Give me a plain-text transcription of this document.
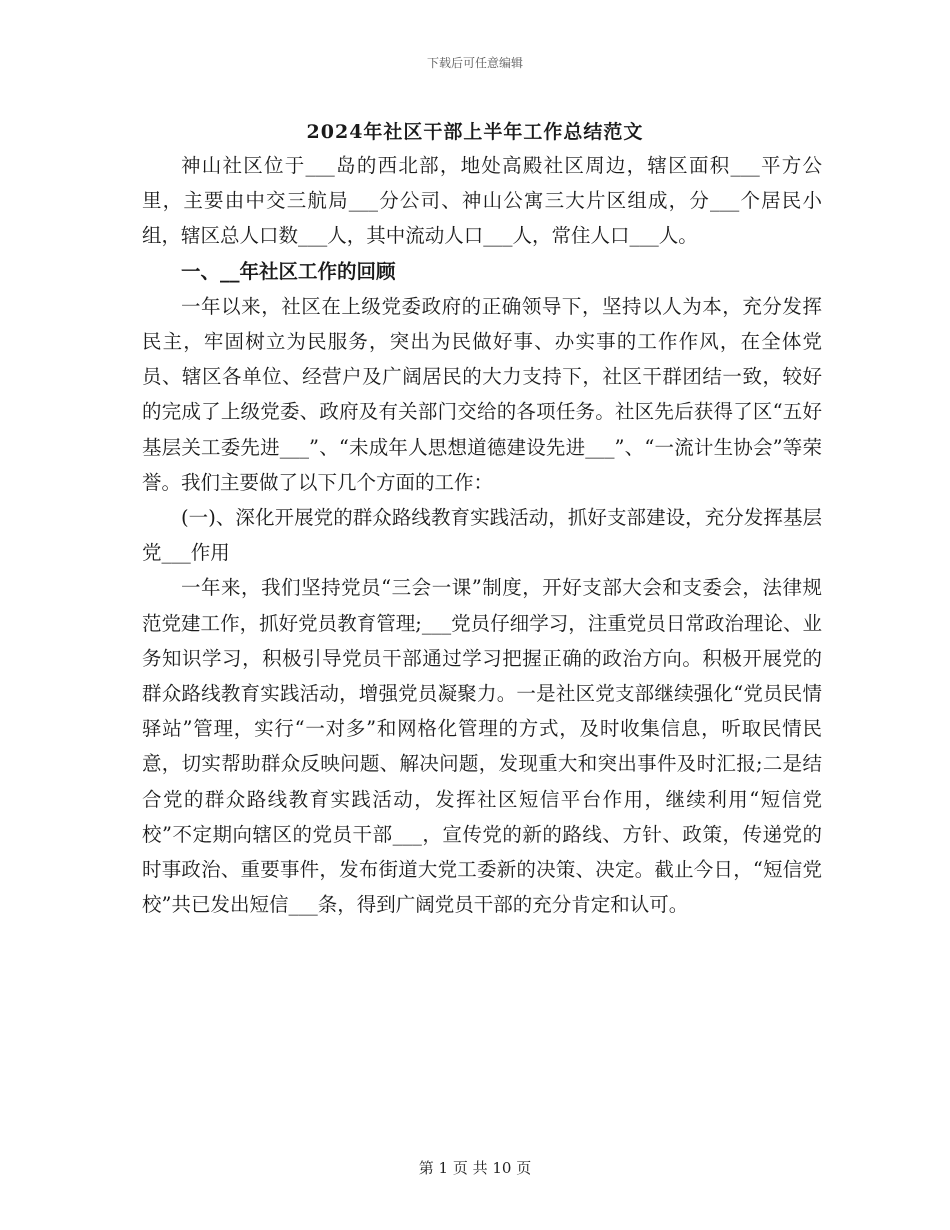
下载后可任意编辑
2024年社区干部上半年工作总结范文

神山社区位于___岛的西北部，地处高殿社区周边，辖区面积___平方公里，主要由中交三航局___分公司、神山公寓三大片区组成，分___个居民小组，辖区总人口数___人，其中流动人口___人，常住人口___人。

一、__年社区工作的回顾

一年以来，社区在上级党委政府的正确领导下，坚持以人为本，充分发挥民主，牢固树立为民服务，突出为民做好事、办实事的工作作风，在全体党员、辖区各单位、经营户及广阔居民的大力支持下，社区干群团结一致，较好的完成了上级党委、政府及有关部门交给的各项任务。社区先后获得了区“五好基层关工委先进___”、“未成年人思想道德建设先进___”、“一流计生协会”等荣誉。我们主要做了以下几个方面的工作：

(一)、深化开展党的群众路线教育实践活动，抓好支部建设，充分发挥基层党___作用

一年来，我们坚持党员“三会一课”制度，开好支部大会和支委会，法律规范党建工作，抓好党员教育管理;___党员仔细学习，注重党员日常政治理论、业务知识学习，积极引导党员干部通过学习把握正确的政治方向。积极开展党的群众路线教育实践活动，增强党员凝聚力。一是社区党支部继续强化“党员民情驿站”管理，实行“一对多”和网格化管理的方式，及时收集信息，听取民情民意，切实帮助群众反映问题、解决问题，发现重大和突出事件及时汇报;二是结合党的群众路线教育实践活动，发挥社区短信平台作用，继续利用“短信党校”不定期向辖区的党员干部___，宣传党的新的路线、方针、政策，传递党的时事政治、重要事件，发布街道大党工委新的决策、决定。截止今日，“短信党校”共已发出短信___条，得到广阔党员干部的充分肯定和认可。

第 1 页 共 10 页
